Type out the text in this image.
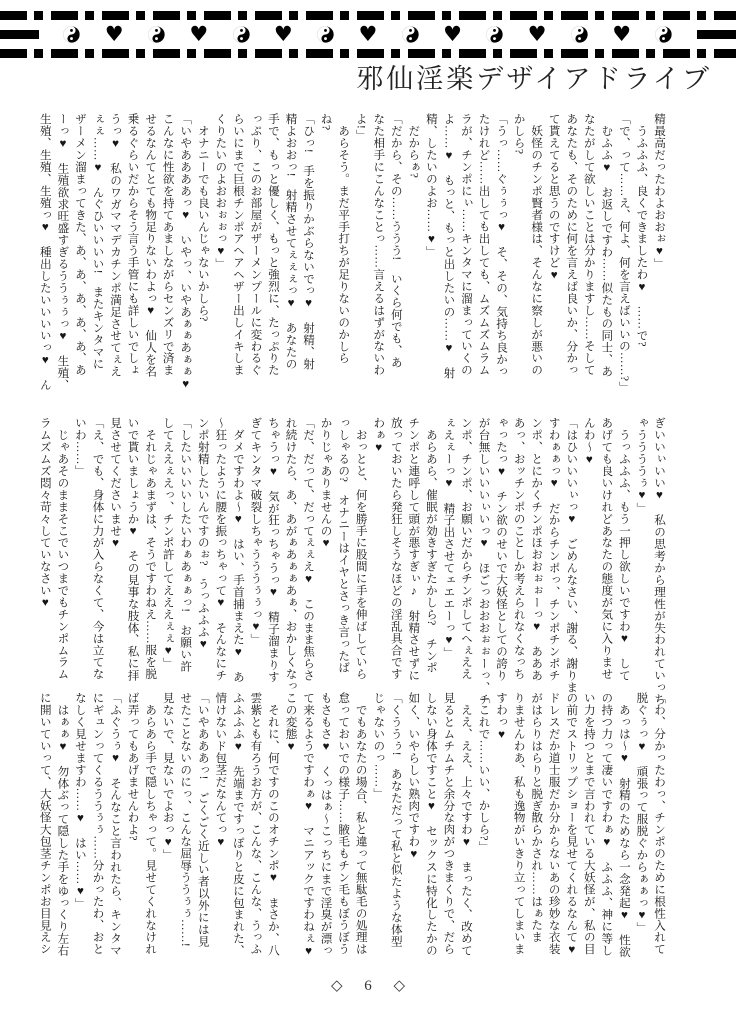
♥	♥	♥	♥	♥	♥	♥
邪仙淫楽デザイアドライブ

精最高だったわよおおぉ♥」

　うふふふ、良くできましたわ♥　……で?

「で、って……え、何よ、何を言えばいいの……?」

　むふふ♥　お返しですわ……似たもの同士、あ

なたがして欲しいことは分かりますし……そして

あなたも、そのために何を言えば良いか、分かっ

て貰えてると思うのですけど♥

　妖怪のチンポ賢者様は、そんなに察しが悪いの

かしら?

「うっ……ぐぅぅっ♥　そ、その、気持ち良かっ

たけれど……出しても出しても、ムズムズムラム

ラが、チンポにぃ……キンタマに溜まっていくの

よ……♥　もっと、もっと出したいの……♥　射

精、したいのよお……♥」

　だからぁ?

「だから、その……ううう!　いくら何でも、あ

なた相手にこんなことっ……言えるはずがないわ

よ!」

　あらそう。まだ平手打ちが足りないのかしら

ね?

「ひっ!　手を振りかぶらないでっ♥　射精、射

精よおおっ!　射精させてぇぇぇっ♥　あなたの

手で、もっと優しく、もっと強烈に、たっぷりた

っぷり、このお部屋がザーメンプールに変わるぐ

らいにまで巨根チンポアヘアヘザー出しイキしま

くりたいのよおおぉぉっ♥」

　オナニーでも良いんじゃないかしら?

「いやああああっ♥　いやっ、いやあぁぁあぁぁ♥

こんなに性欲を持てあましながらセンズリで済ま

せるなんてとても物足りないわよっ♥　仙人を名

乗るぐらいだからそう言う手管にも詳しいでしょ

うっ♥　私のワガママデカチンポ満足させてぇえ

ぇぇ……♥　んぐひいいいい!　またキンタマに

ザーメン溜まってきた、あ、あ、あ、あ、あ、あ

ーっ♥　生殖欲求旺盛すぎるううぅぅっ♥　生殖、

生殖、生殖、生殖っ♥　種出したいいいいっ♥　ん

ぎいいぃいい♥　私の思考から理性が失われていっち

ゃううううぅ♥」

　うっふふふ、もう一押し欲しいですわ♥　して

あげても良いけれどあなたの態度が気に入りませ

んわ〜♥

「はひいいいぃっ♥　ごめんなさい、謝る、謝りま

すわぁぁっ♥　だからチンポっ、チンポチンポチ

ンポ、とにかくチンポほおおぉぉーっ♥　あああ

あっ、おッチンポのことしか考えられなくなっち

ゃったっ♥　チン欲のせいで大妖怪としての誇り

が台無しいいいぃいっ♥　ほごっおおおぉぉーっ、チ

ンポ、チンポ、お願いだからチンポしてへぇええ

ぇえぇーっ♥　精子出させてェエエーっ♥」

　あらあら、催眠が効きすぎたかしら?　チンポ

チンポと連呼して頭が悪すぎぃ♪　射精させずに

放っておいたら発狂しそうなほどの淫乱具合です

わぁ♥

　おっとと、何を勝手に股間に手を伸ばしていら

っしゃるの?　オナニーはイヤとさっき言ったば

かりじゃありませんの♥

「だ、だって、だってぇぇえ♥　このまま焦らさ

れ続けたら、あ、あがぁあぁぁあぁ、おかしくなっ

ちゃうっ♥　気が狂っちゃうっ♥　精子溜まりす

ぎてキンタマ破裂しちゃうううぅぅっ♥」

　ダメですわよ〜♥　はい、手首捕まえた♥　あ

〜狂ったように腰を振っちゃって♥　そんなにチ

ンポ射精したいんですのぉ?　うっふふふ♥

「したいいいいしたいわぁあぁぁっ!　お願い許

してええぇえっ、チンポ許してえええぇぇ♥」

　それじゃあまずは、そうですわねえ……服を脱

いで貰いましょうか♥　その見事な肢体、私に拝

見させてくださいませ♥

「え、でも、身体に力が入らなくて、今は立てな

いわ……」

　じゃあそのままそこでいつまでもチンポムラム

ラムズムズ悶々苛々していなさい♥

「わ、分かったわっ、チンポのために根性入れて

脱ぐぅっ♥　頑張って服脱ぐからぁぁっ♥」

　あっは〜♥　射精のためなら一念発起♥　性欲

の持つ力って凄いですわぁ♥　ふふふ、神に等し

い力を持つとまで言われている大妖怪が、私の目

の前でストリップショーを見せてくれるなんて♥

ドレスだか道士服だか分からないあの珍妙な衣装

がはらりはらりと脱ぎ散らかされ……はぁたま

りませんわあ、私も逸物がいきり立ってしまいま

すわっ♥

「これで……いい、かしら?」

　ええ、ええ、上々ですわ♥　まったく、改めて

見るとムチムチと余分な肉がつきまくりで、だら

しない身体ですこと♥　セックスに特化したかの

如く、いやらしい熟肉ですわ♥

「くううぅ!　あなただって私と似たような体型

じゃないのっ……」

　でもあなたの場合、私と違って無駄毛の処理は

怠っておいでの様子……腋毛もチン毛もぼうぼう

もさもさ♥　くっはぁ〜こっちにまで淫臭が漂っ

て来るようですわぁ♥　マニアックですわねぇ♥

この変態♥

　それに、何ですのこのオチンポ♥　まさか、八

雲紫とも有ろうお方が、こんな、こんな、うっふ

ふふふふ♥　先端まですっぽりと皮に包まれた、

情けないド包茎だなんてっ♥

「いやあああっ!　ごくごく近しい者以外には見

せたことないのにっ、こんな屈辱ううぅぅ……!

見ないで、見ないでよおっ♥」

　あらあら手で隠しちゃって。見せてくれなけれ

ば弄ってもあげませんわよ?

「ふぐうぅ♥　そんなこと言われたら、キンタマ

にギュンってくるううぅぅ……分かったわ、おと

なしく見せますわ……♥　はい……♥」

　はぁぁ♥　勿体ぶって隠した手をゆっくり左右

に開いていって、大妖怪大包茎チンポお目見えシ

◇ 6 ◇
